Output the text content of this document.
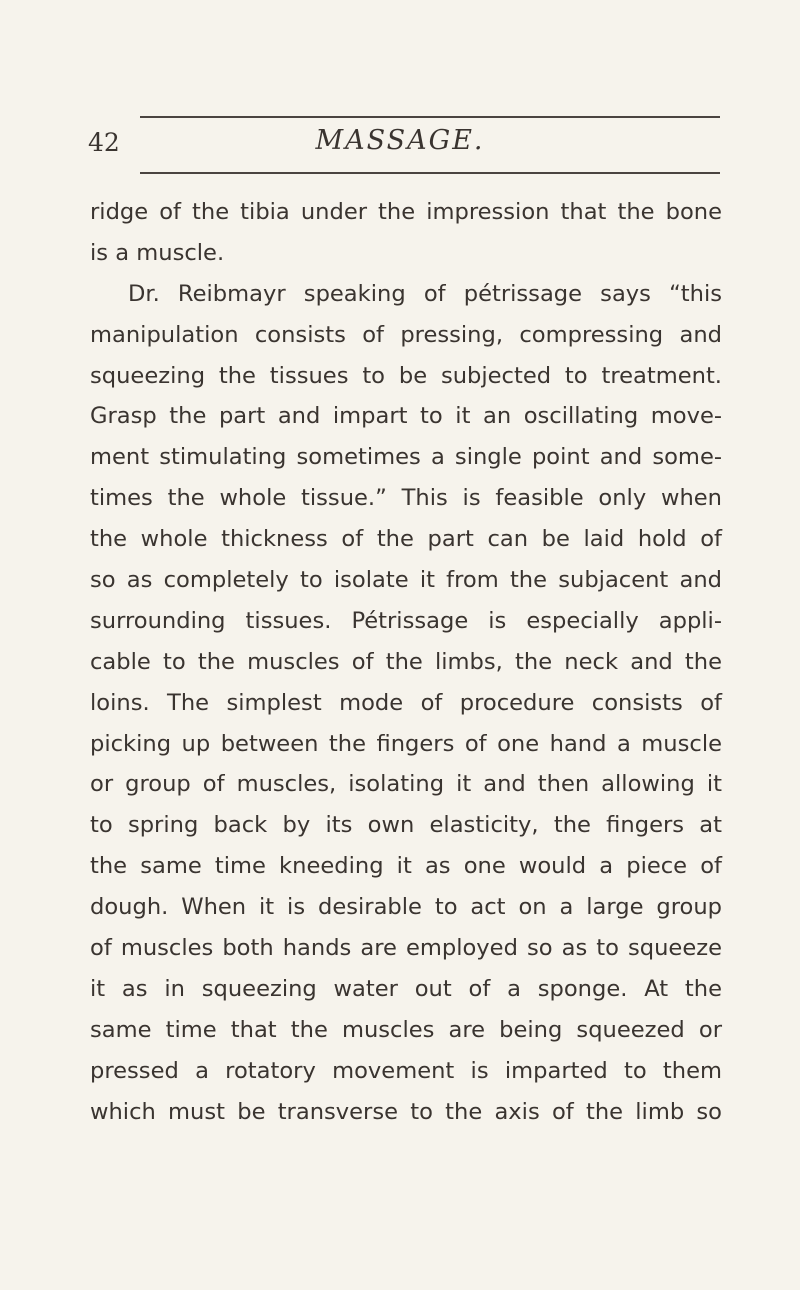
42	MASSAGE.
ridge of the tibia under the impression that the bone
is a muscle.
Dr. Reibmayr speaking of pétrissage says “this
manipulation consists of pressing, compressing and
squeezing the tissues to be subjected to treatment.
Grasp the part and impart to it an oscillating move-
ment stimulating sometimes a single point and some-
times the whole tissue.” This is feasible only when
the whole thickness of the part can be laid hold of
so as completely to isolate it from the subjacent and
surrounding tissues. Pétrissage is especially appli-
cable to the muscles of the limbs, the neck and the
loins. The simplest mode of procedure consists of
picking up between the fingers of one hand a muscle
or group of muscles, isolating it and then allowing it
to spring back by its own elasticity, the fingers at
the same time kneeding it as one would a piece of
dough. When it is desirable to act on a large group
of muscles both hands are employed so as to squeeze
it as in squeezing water out of a sponge. At the
same time that the muscles are being squeezed or
pressed a rotatory movement is imparted to them
which must be transverse to the axis of the limb so
